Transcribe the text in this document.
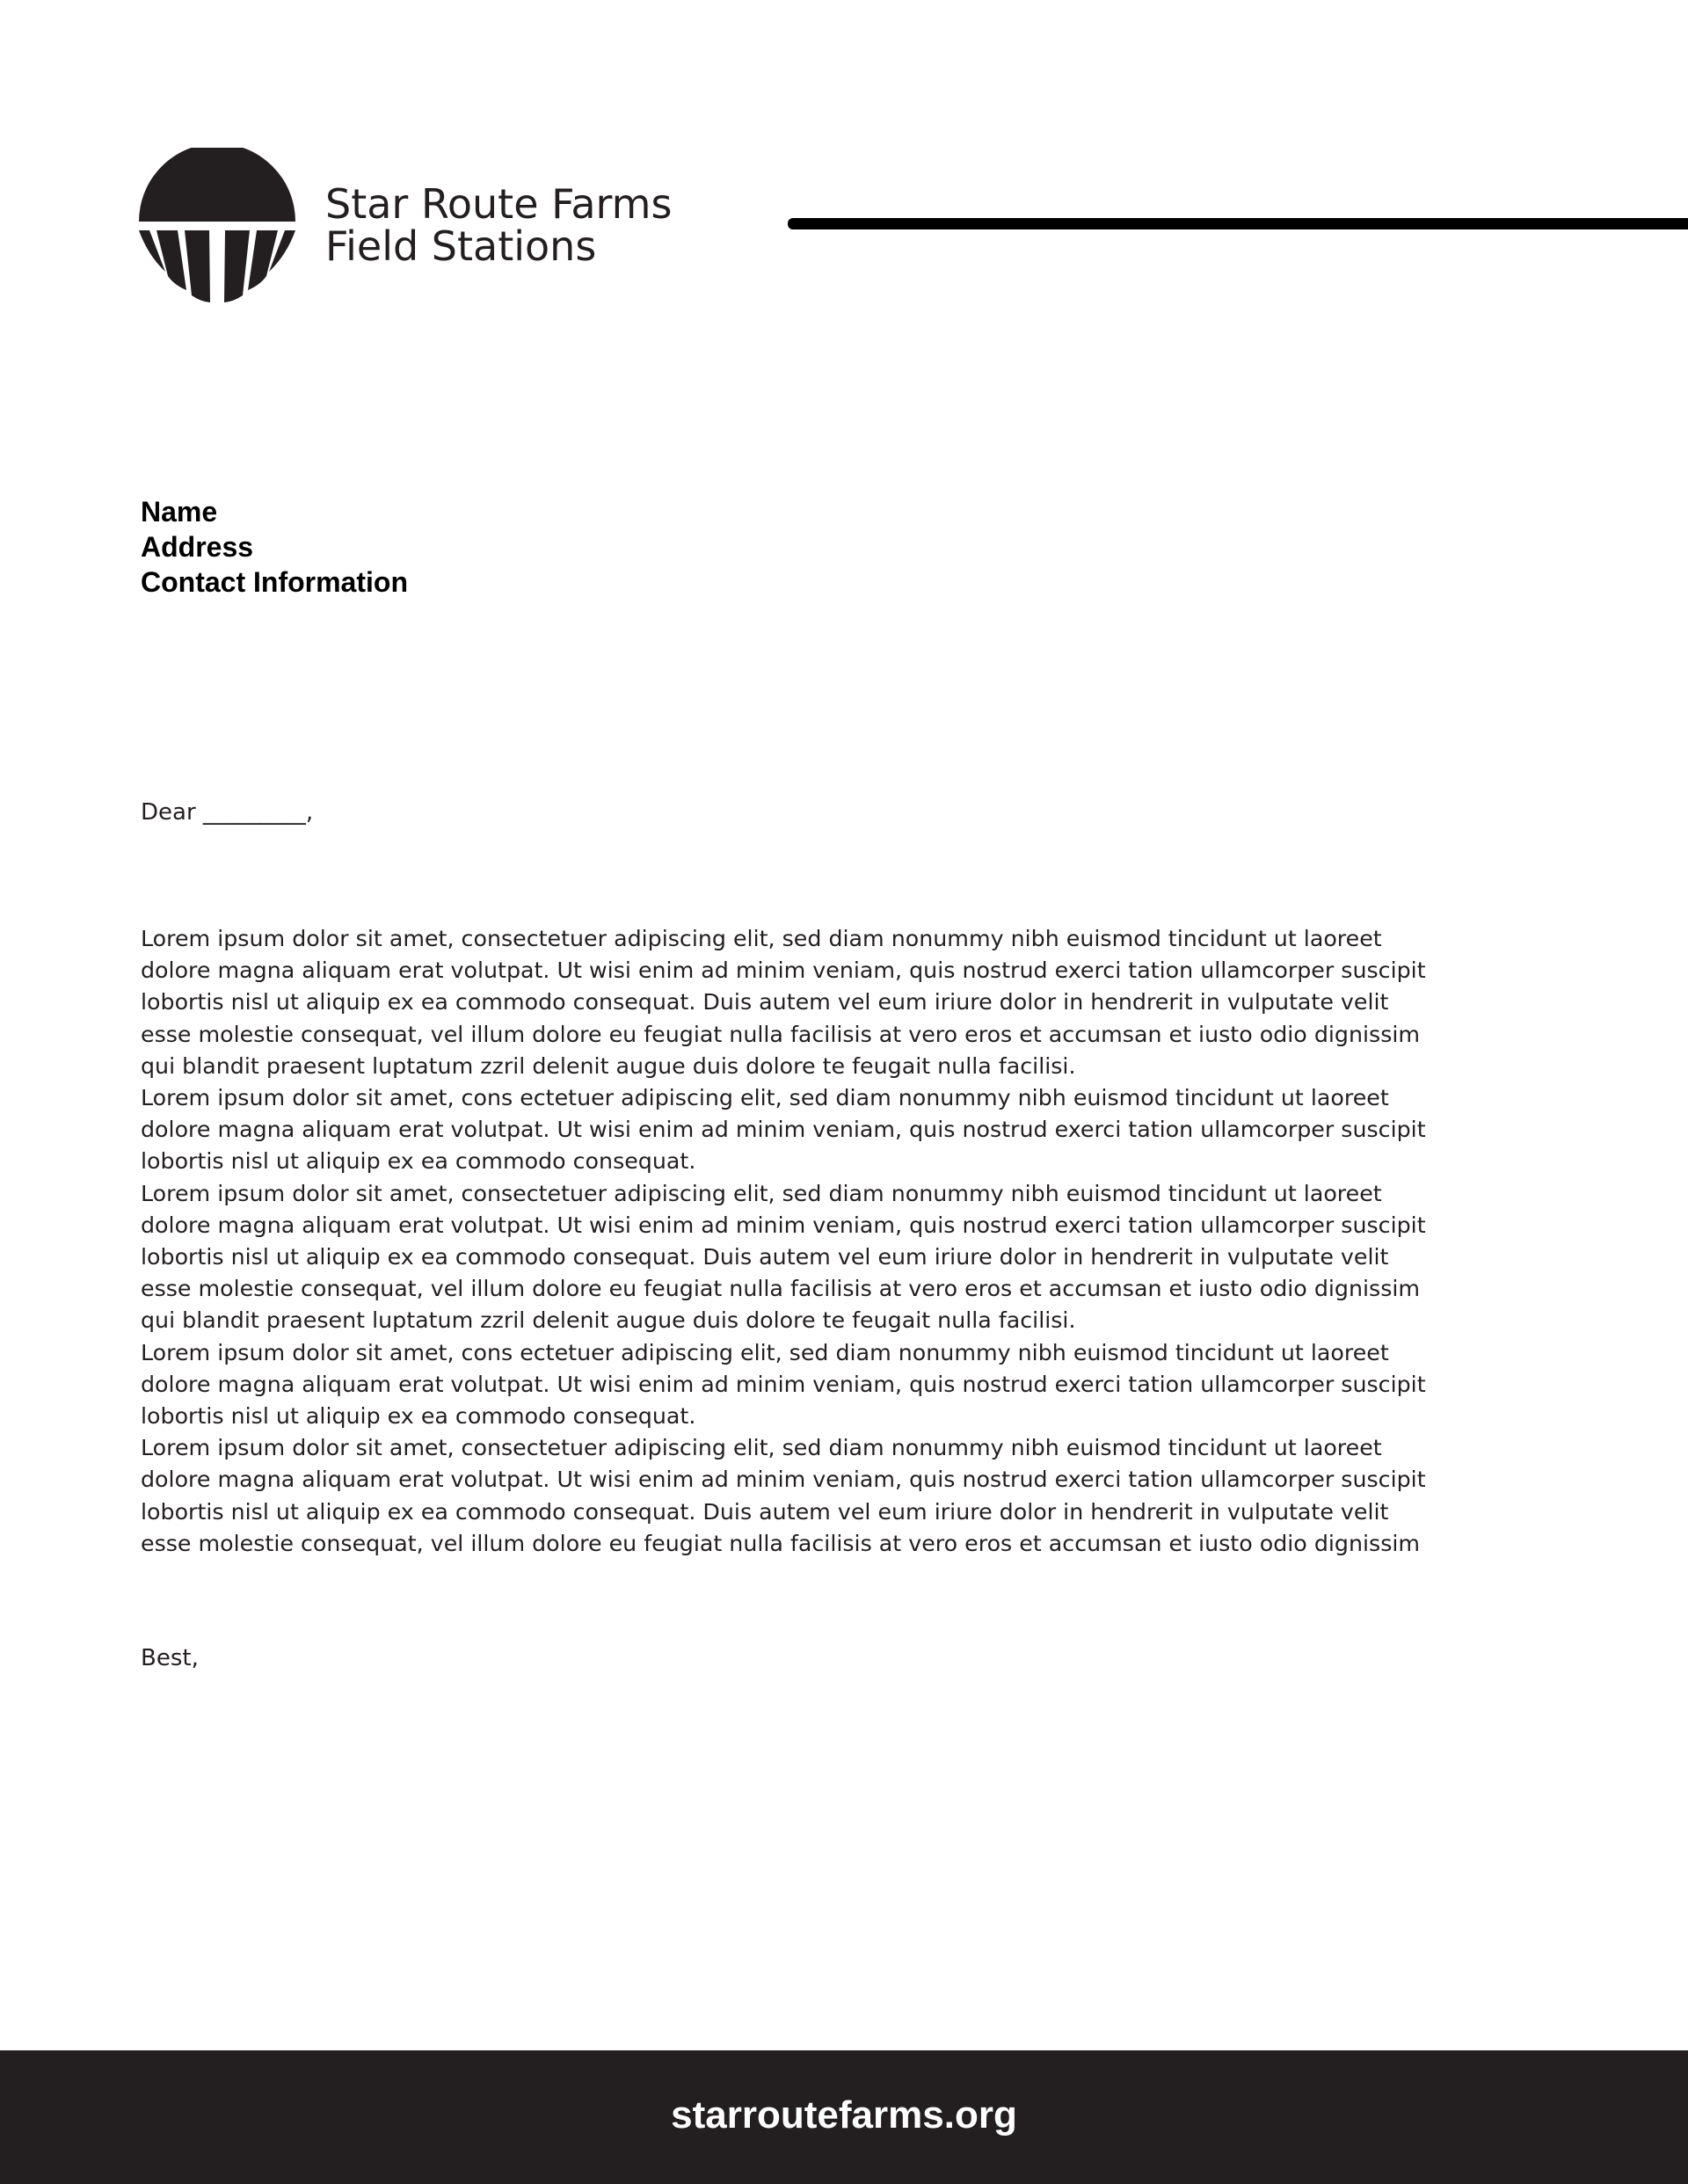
Star Route Farms
Field Stations
Name
Address
Contact Information
Dear _________,
Lorem ipsum dolor sit amet, consectetuer adipiscing elit, sed diam nonummy nibh euismod tincidunt ut laoreet
dolore magna aliquam erat volutpat. Ut wisi enim ad minim veniam, quis nostrud exerci tation ullamcorper suscipit
lobortis nisl ut aliquip ex ea commodo consequat. Duis autem vel eum iriure dolor in hendrerit in vulputate velit
esse molestie consequat, vel illum dolore eu feugiat nulla facilisis at vero eros et accumsan et iusto odio dignissim
qui blandit praesent luptatum zzril delenit augue duis dolore te feugait nulla facilisi.
Lorem ipsum dolor sit amet, cons ectetuer adipiscing elit, sed diam nonummy nibh euismod tincidunt ut laoreet
dolore magna aliquam erat volutpat. Ut wisi enim ad minim veniam, quis nostrud exerci tation ullamcorper suscipit
lobortis nisl ut aliquip ex ea commodo consequat.
Lorem ipsum dolor sit amet, consectetuer adipiscing elit, sed diam nonummy nibh euismod tincidunt ut laoreet
dolore magna aliquam erat volutpat. Ut wisi enim ad minim veniam, quis nostrud exerci tation ullamcorper suscipit
lobortis nisl ut aliquip ex ea commodo consequat. Duis autem vel eum iriure dolor in hendrerit in vulputate velit
esse molestie consequat, vel illum dolore eu feugiat nulla facilisis at vero eros et accumsan et iusto odio dignissim
qui blandit praesent luptatum zzril delenit augue duis dolore te feugait nulla facilisi.
Lorem ipsum dolor sit amet, cons ectetuer adipiscing elit, sed diam nonummy nibh euismod tincidunt ut laoreet
dolore magna aliquam erat volutpat. Ut wisi enim ad minim veniam, quis nostrud exerci tation ullamcorper suscipit
lobortis nisl ut aliquip ex ea commodo consequat.
Lorem ipsum dolor sit amet, consectetuer adipiscing elit, sed diam nonummy nibh euismod tincidunt ut laoreet
dolore magna aliquam erat volutpat. Ut wisi enim ad minim veniam, quis nostrud exerci tation ullamcorper suscipit
lobortis nisl ut aliquip ex ea commodo consequat. Duis autem vel eum iriure dolor in hendrerit in vulputate velit
esse molestie consequat, vel illum dolore eu feugiat nulla facilisis at vero eros et accumsan et iusto odio dignissim
Best,
starroutefarms.org
